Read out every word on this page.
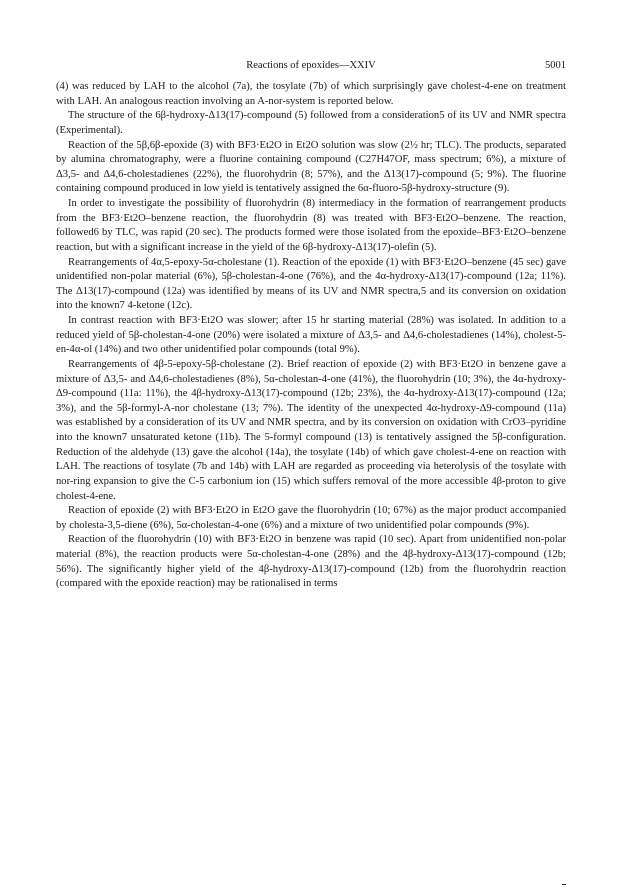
Reactions of epoxides—XXIV	5001

(4) was reduced by LAH to the alcohol (7a), the tosylate (7b) of which surprisingly gave cholest-4-ene on treatment with LAH. An analogous reaction involving an A-nor-system is reported below.

The structure of the 6β-hydroxy-Δ13(17)-compound (5) followed from a consideration5 of its UV and NMR spectra (Experimental).

Reaction of the 5β,6β-epoxide (3) with BF3·Et2O in Et2O solution was slow (2½ hr; TLC). The products, separated by alumina chromatography, were a fluorine containing compound (C27H47OF, mass spectrum; 6%), a mixture of Δ3,5- and Δ4,6-cholestadienes (22%), the fluorohydrin (8; 57%), and the Δ13(17)-compound (5; 9%). The fluorine containing compound produced in low yield is tentatively assigned the 6α-fluoro-5β-hydroxy-structure (9).

In order to investigate the possibility of fluorohydrin (8) intermediacy in the formation of rearrangement products from the BF3·Et2O–benzene reaction, the fluorohydrin (8) was treated with BF3·Et2O–benzene. The reaction, followed6 by TLC, was rapid (20 sec). The products formed were those isolated from the epoxide–BF3·Et2O–benzene reaction, but with a significant increase in the yield of the 6β-hydroxy-Δ13(17)-olefin (5).

Rearrangements of 4α,5-epoxy-5α-cholestane (1). Reaction of the epoxide (1) with BF3·Et2O–benzene (45 sec) gave unidentified non-polar material (6%), 5β-cholestan-4-one (76%), and the 4α-hydroxy-Δ13(17)-compound (12a; 11%). The Δ13(17)-compound (12a) was identified by means of its UV and NMR spectra,5 and its conversion on oxidation into the known7 4-ketone (12c).

In contrast reaction with BF3·Et2O was slower; after 15 hr starting material (28%) was isolated. In addition to a reduced yield of 5β-cholestan-4-one (20%) were isolated a mixture of Δ3,5- and Δ4,6-cholestadienes (14%), cholest-5-en-4α-ol (14%) and two other unidentified polar compounds (total 9%).

Rearrangements of 4β-5-epoxy-5β-cholestane (2). Brief reaction of epoxide (2) with BF3·Et2O in benzene gave a mixture of Δ3,5- and Δ4,6-cholestadienes (8%), 5α-cholestan-4-one (41%), the fluorohydrin (10; 3%), the 4α-hydroxy-Δ9-compound (11a: 11%), the 4β-hydroxy-Δ13(17)-compound (12b; 23%), the 4α-hydroxy-Δ13(17)-compound (12a; 3%), and the 5β-formyl-A-nor cholestane (13; 7%). The identity of the unexpected 4α-hydroxy-Δ9-compound (11a) was established by a consideration of its UV and NMR spectra, and by its conversion on oxidation with CrO3–pyridine into the known7 unsaturated ketone (11b). The 5-formyl compound (13) is tentatively assigned the 5β-configuration. Reduction of the aldehyde (13) gave the alcohol (14a), the tosylate (14b) of which gave cholest-4-ene on reaction with LAH. The reactions of tosylate (7b and 14b) with LAH are regarded as proceeding via heterolysis of the tosylate with nor-ring expansion to give the C-5 carbonium ion (15) which suffers removal of the more accessible 4β-proton to give cholest-4-ene.

Reaction of epoxide (2) with BF3·Et2O in Et2O gave the fluorohydrin (10; 67%) as the major product accompanied by cholesta-3,5-diene (6%), 5α-cholestan-4-one (6%) and a mixture of two unidentified polar compounds (9%).

Reaction of the fluorohydrin (10) with BF3·Et2O in benzene was rapid (10 sec). Apart from unidentified non-polar material (8%), the reaction products were 5α-cholestan-4-one (28%) and the 4β-hydroxy-Δ13(17)-compound (12b; 56%). The significantly higher yield of the 4β-hydroxy-Δ13(17)-compound (12b) from the fluorohydrin reaction (compared with the epoxide reaction) may be rationalised in terms
